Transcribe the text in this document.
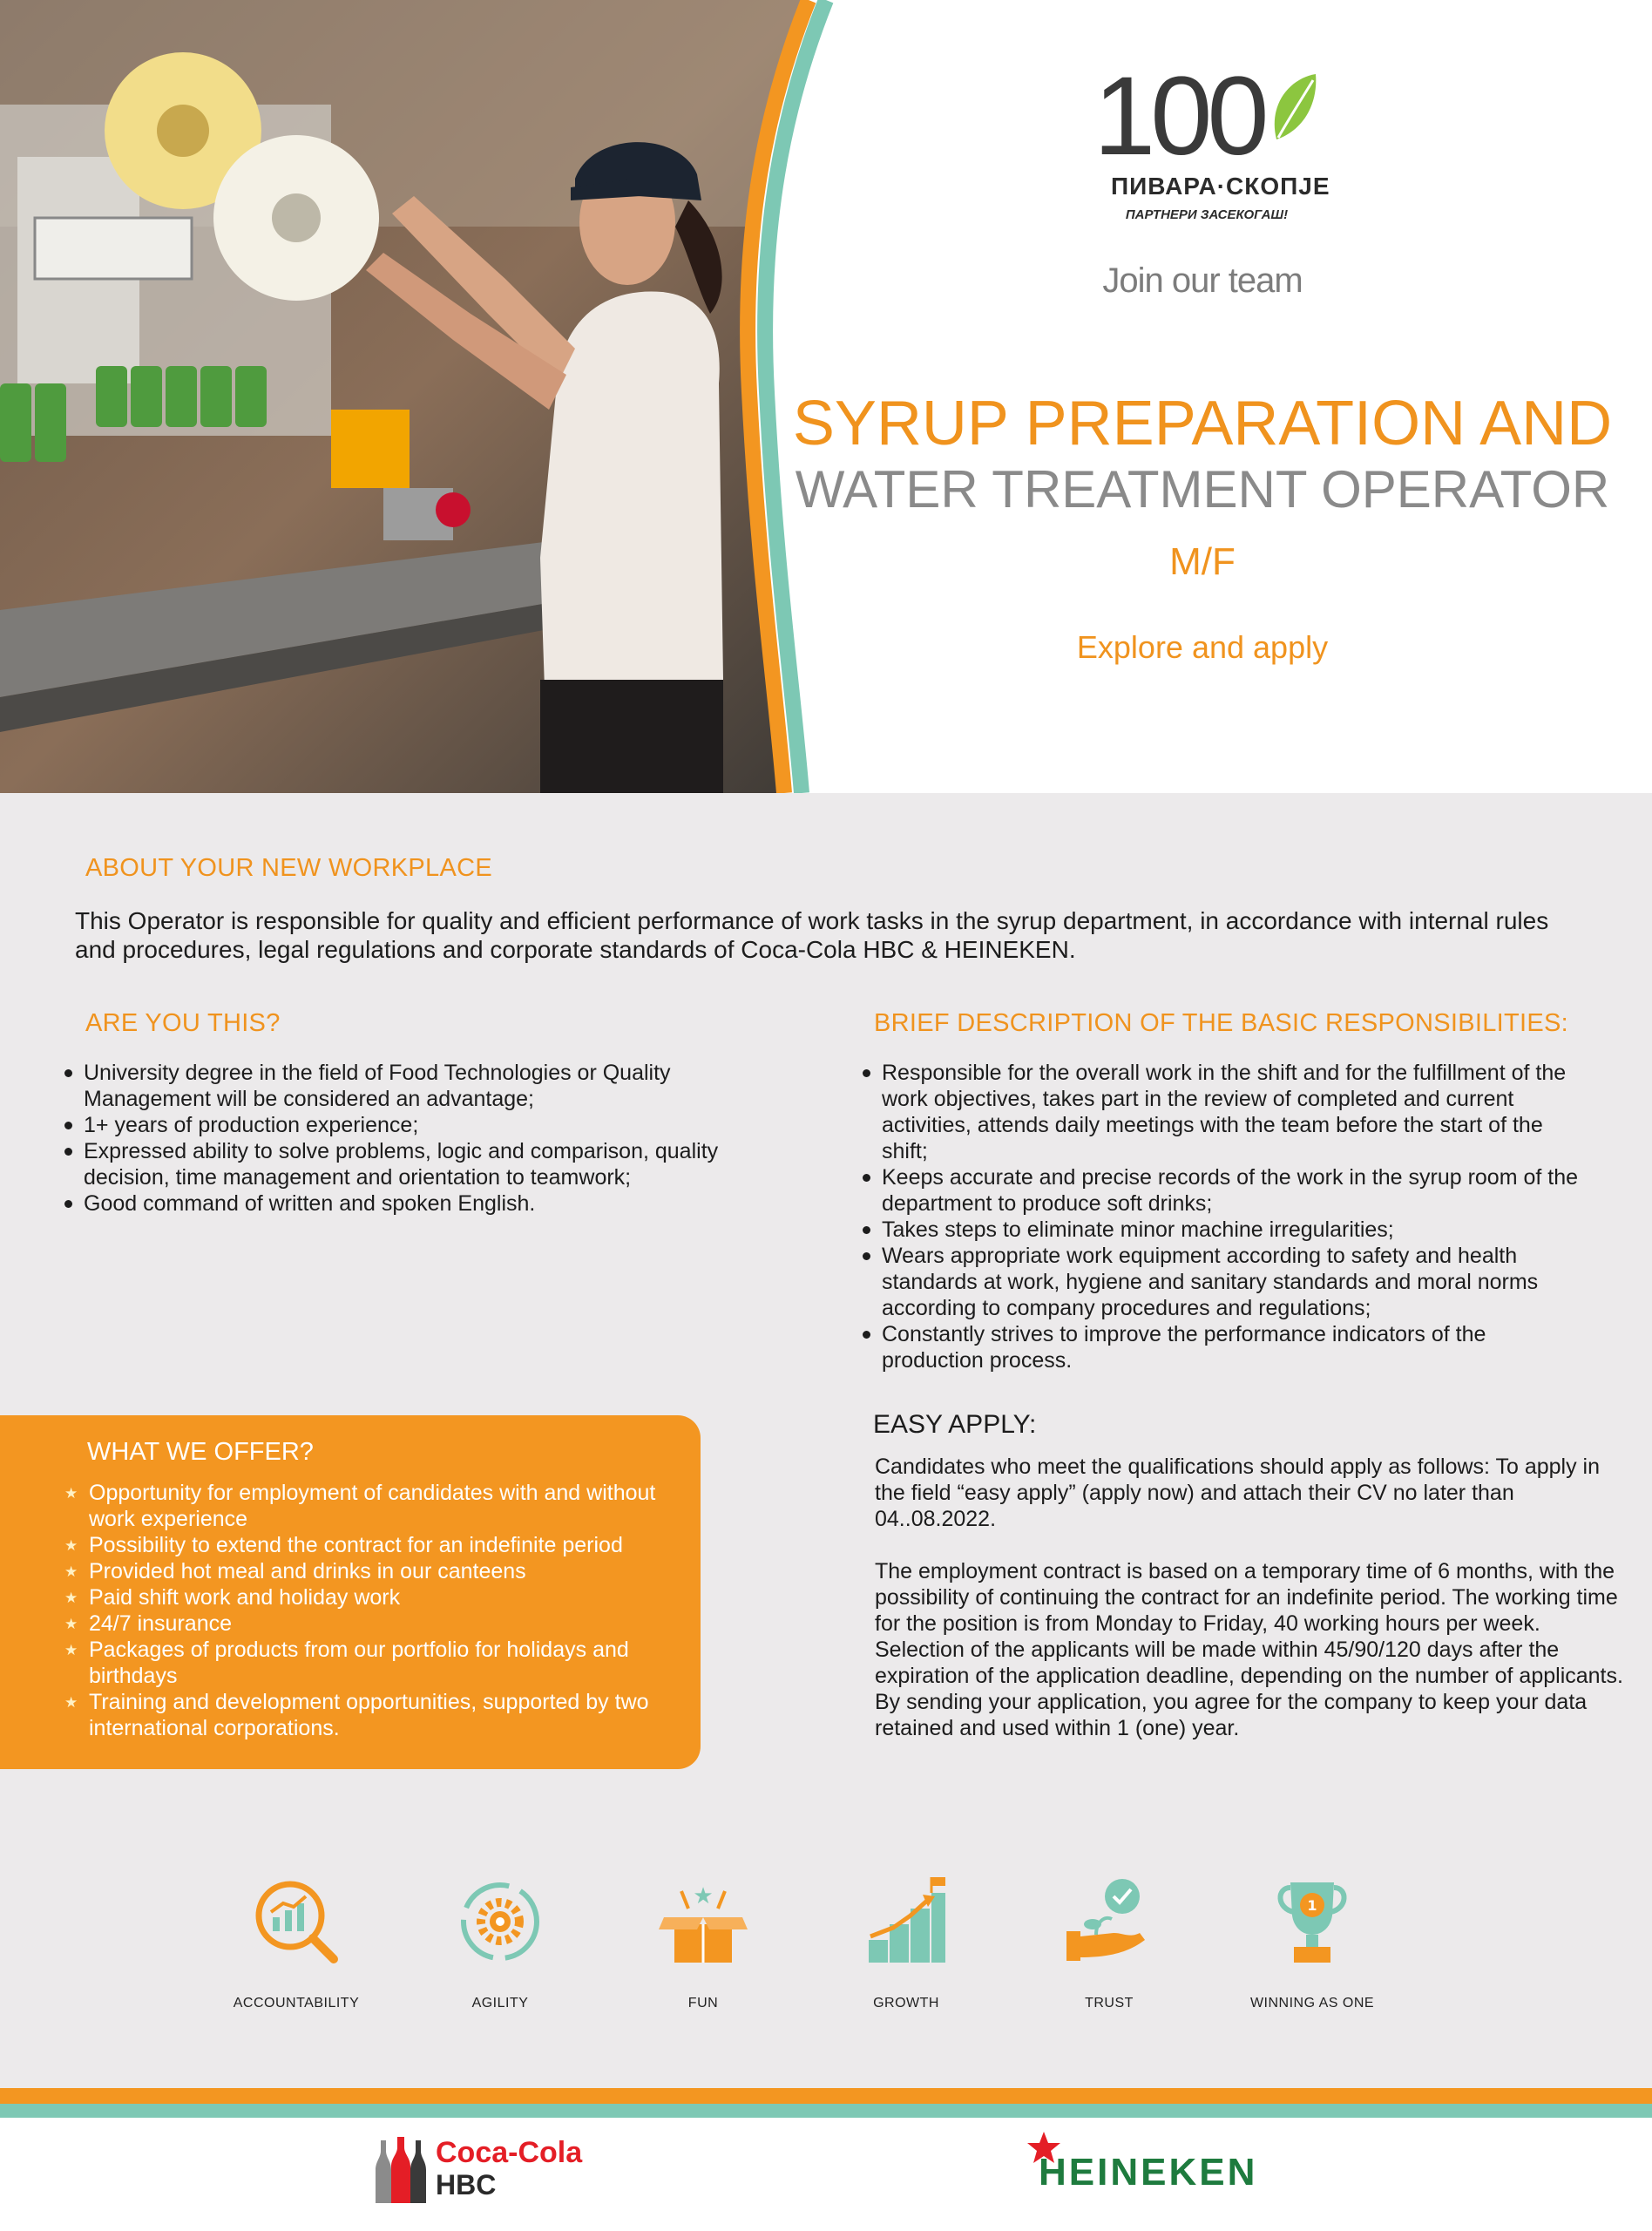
100
ПИВАРА·СКОПЈЕ
ПАРТНЕРИ ЗАСЕКОГАШ!
Join our team
SYRUP PREPARATION AND
WATER TREATMENT OPERATOR
M/F
Explore and apply
ABOUT YOUR NEW WORKPLACE
This Operator is responsible for quality and efficient performance of work tasks in the syrup department, in accordance with internal rules and procedures, legal regulations and corporate standards of Coca-Cola HBC & HEINEKEN.
ARE YOU THIS?
University degree in the field of Food Technologies or Quality Management will be considered an advantage;
1+ years of production experience;
Expressed ability to solve problems, logic and comparison, quality decision, time management and orientation to teamwork;
Good command of written and spoken English.
BRIEF DESCRIPTION OF THE BASIC RESPONSIBILITIES:
Responsible for the overall work in the shift and for the fulfillment of the work objectives, takes part in the review of completed and current activities, attends daily meetings with the team before the start of the shift;
Keeps accurate and precise records of the work in the syrup room of the department to produce soft drinks;
Takes steps to eliminate minor machine irregularities;
Wears appropriate work equipment according to safety and health standards at work, hygiene and sanitary standards and moral norms according to company procedures and regulations;
Constantly strives to improve the performance indicators of the production process.
WHAT WE OFFER?
★ Opportunity for employment of candidates with and without work experience
★ Possibility to extend the contract for an indefinite period
★ Provided hot meal and drinks in our canteens
★ Paid shift work and holiday work
★ 24/7 insurance
★ Packages of products from our portfolio for holidays and birthdays
★ Training and development opportunities, supported by two international corporations.
EASY APPLY:
Candidates who meet the qualifications should apply as follows: To apply in the field “easy apply” (apply now) and attach their CV no later than 04..08.2022.
The employment contract is based on a temporary time of 6 months, with the possibility of continuing the contract for an indefinite period. The working time for the position is from Monday to Friday, 40 working hours per week. Selection of the applicants will be made within 45/90/120 days after the expiration of the application deadline, depending on the number of applicants. By sending your application, you agree for the company to keep your data retained and used within 1 (one) year.
ACCOUNTABILITY	AGILITY
★
FUN	GROWTH	TRUST
1
WINNING AS ONE
Coca-Cola
HBC	HEINEKEN
